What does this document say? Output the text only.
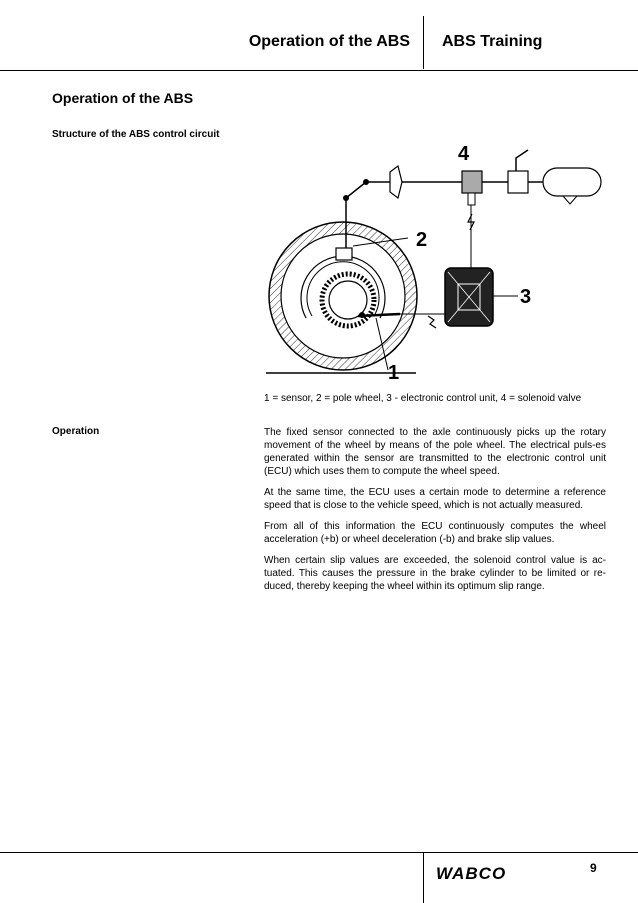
Operation of the ABS ABS Training
Operation of the ABS
Structure of the ABS control circuit
1
2
3
4
1 = sensor, 2 = pole wheel, 3 - electronic control unit, 4 = solenoid valve
Operation	The fixed sensor connected to the axle continuously picks up the rotary movement of the wheel by means of the pole wheel. The electrical puls-es generated within the sensor are transmitted to the electronic control unit (ECU) which uses them to compute the wheel speed.

At the same time, the ECU uses a certain mode to determine a reference speed that is close to the vehicle speed, which is not actually measured.

From all of this information the ECU continuously computes the wheel acceleration (+b) or wheel deceleration (-b) and brake slip values.

When certain slip values are exceeded, the solenoid control value is ac-tuated. This causes the pressure in the brake cylinder to be limited or re-duced, thereby keeping the wheel within its optimum slip range.

WABCO	9
